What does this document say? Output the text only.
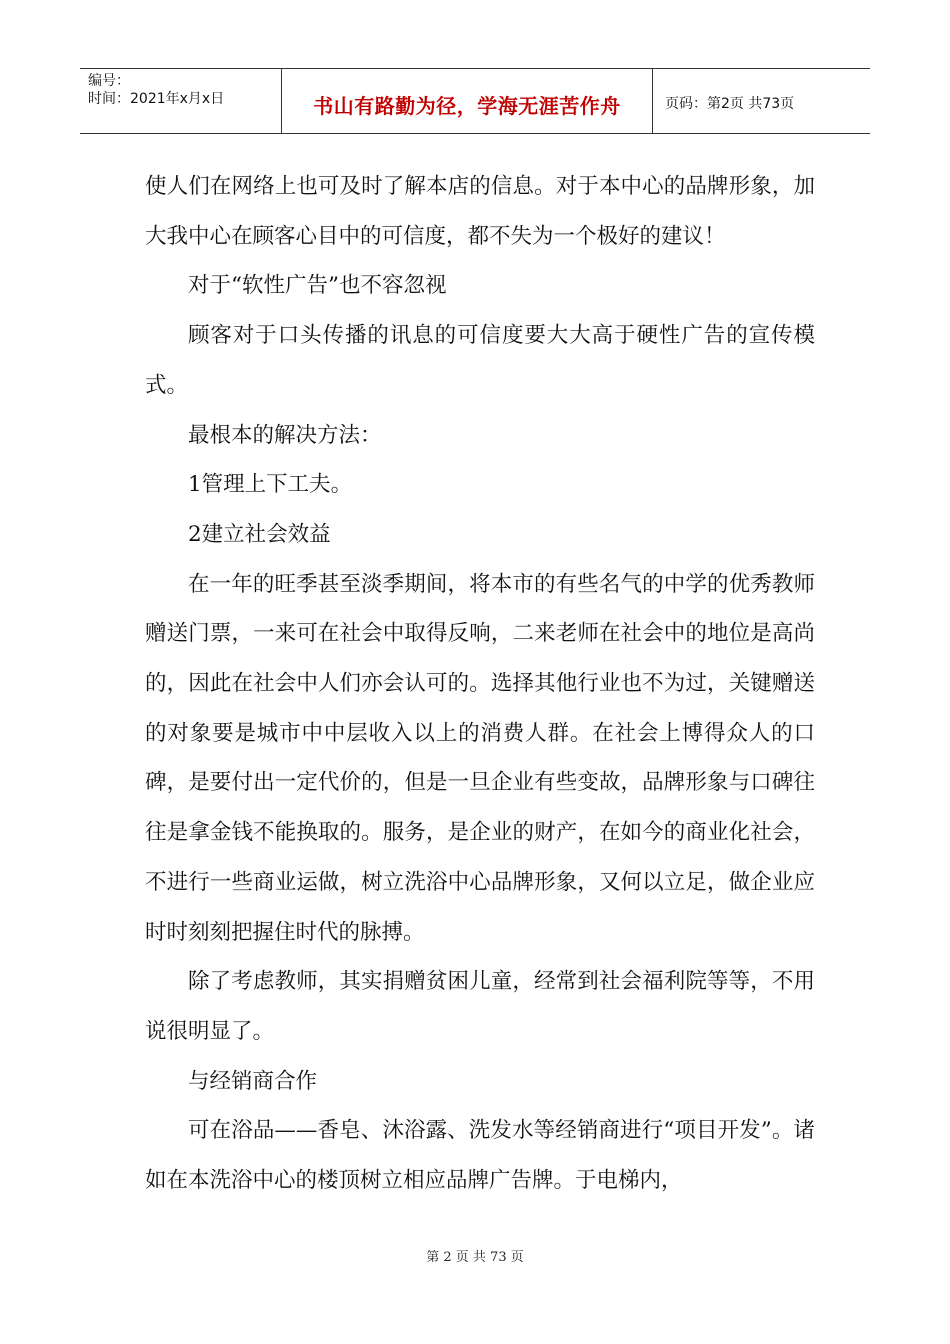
编号：
时间：2021年x月x日	书山有路勤为径，学海无涯苦作舟	页码：第2页 共73页

使人们在网络上也可及时了解本店的信息。对于本中心的品牌形象，加大我中心在顾客心目中的可信度，都不失为一个极好的建议！

对于“软性广告”也不容忽视

顾客对于口头传播的讯息的可信度要大大高于硬性广告的宣传模式。

最根本的解决方法：

1管理上下工夫。

2建立社会效益

在一年的旺季甚至淡季期间，将本市的有些名气的中学的优秀教师赠送门票，一来可在社会中取得反响，二来老师在社会中的地位是高尚的，因此在社会中人们亦会认可的。选择其他行业也不为过，关键赠送的对象要是城市中中层收入以上的消费人群。在社会上博得众人的口碑，是要付出一定代价的，但是一旦企业有些变故，品牌形象与口碑往往是拿金钱不能换取的。服务，是企业的财产，在如今的商业化社会，不进行一些商业运做，树立洗浴中心品牌形象，又何以立足，做企业应时时刻刻把握住时代的脉搏。

除了考虑教师，其实捐赠贫困儿童，经常到社会福利院等等，不用说很明显了。

与经销商合作

可在浴品——香皂、沐浴露、洗发水等经销商进行“项目开发”。诸如在本洗浴中心的楼顶树立相应品牌广告牌。于电梯内，

第 2 页 共 73 页
